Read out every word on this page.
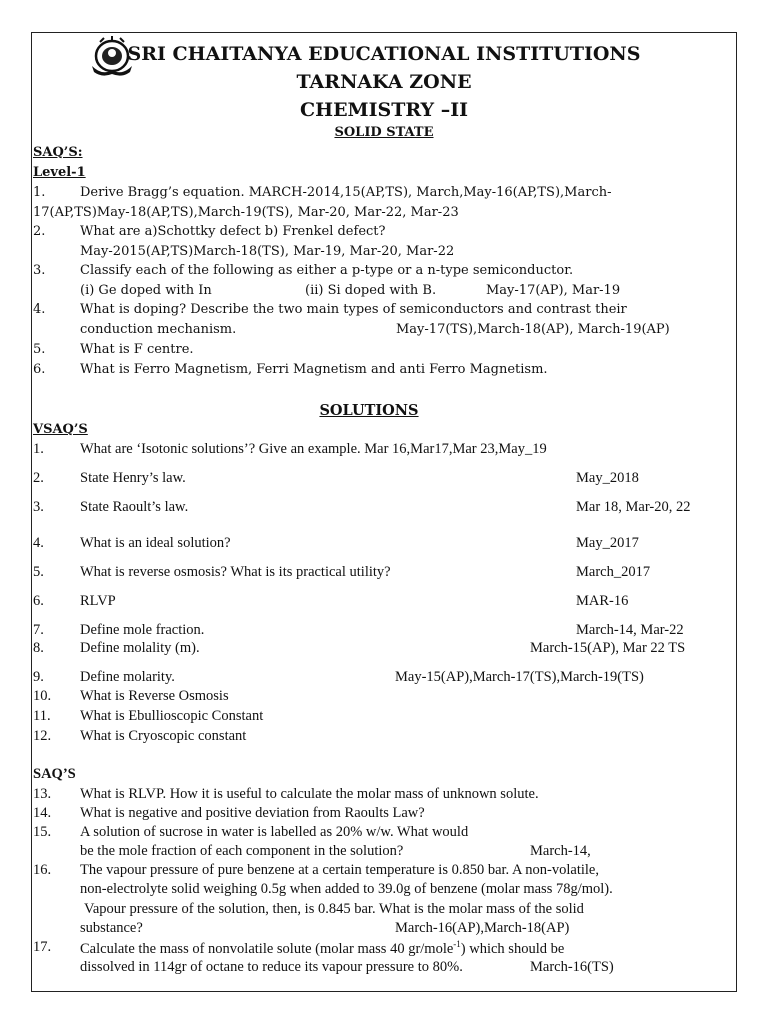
SRI CHAITANYA EDUCATIONAL INSTITUTIONS
TARNAKA ZONE
CHEMISTRY –II
SOLID STATE
SAQ’S:
Level-1
1.	Derive Bragg’s equation. MARCH-2014,15(AP,TS), March,May-16(AP,TS),March-
17(AP,TS)May-18(AP,TS),March-19(TS), Mar-20, Mar-22, Mar-23
2.	What are a)Schottky defect b) Frenkel defect?
May-2015(AP,TS)March-18(TS), Mar-19, Mar-20, Mar-22
3.	Classify each of the following as either a p-type or a n-type semiconductor.
(i) Ge doped with In	(ii) Si doped with B.	May-17(AP), Mar-19
4.	What is doping? Describe the two main types of semiconductors and contrast their
conduction mechanism.	May-17(TS),March-18(AP), March-19(AP)
5.	What is F centre.
6.	What is Ferro Magnetism, Ferri Magnetism and anti Ferro Magnetism.
SOLUTIONS
VSAQ’S
1. What are ‘Isotonic solutions’? Give an example. Mar 16,Mar17,Mar 23,May_19
2. State Henry’s law.	May_2018
3. State Raoult’s law.	Mar 18, Mar-20, 22
4. What is an ideal solution?	May_2017
5. What is reverse osmosis? What is its practical utility?	March_2017
6. RLVP	MAR-16
7. Define mole fraction.	March-14, Mar-22
8. Define molality (m).	March-15(AP), Mar 22 TS
9. Define molarity.	May-15(AP),March-17(TS),March-19(TS)
10. What is Reverse Osmosis
11. What is Ebullioscopic Constant
12. What is Cryoscopic constant
SAQ’S
13. What is RLVP. How it is useful to calculate the molar mass of unknown solute.
14. What is negative and positive deviation from Raoults Law?
15. A solution of sucrose in water is labelled as 20% w/w. What would
be the mole fraction of each component in the solution?	March-14,
16. The vapour pressure of pure benzene at a certain temperature is 0.850 bar. A non-volatile,
non-electrolyte solid weighing 0.5g when added to 39.0g of benzene (molar mass 78g/mol).
Vapour pressure of the solution, then, is 0.845 bar. What is the molar mass of the solid
substance?	March-16(AP),March-18(AP)
17. Calculate the mass of nonvolatile solute (molar mass 40 gr/mole$^{-1}$) which should be
dissolved in 114gr of octane to reduce its vapour pressure to 80%.	March-16(TS)
